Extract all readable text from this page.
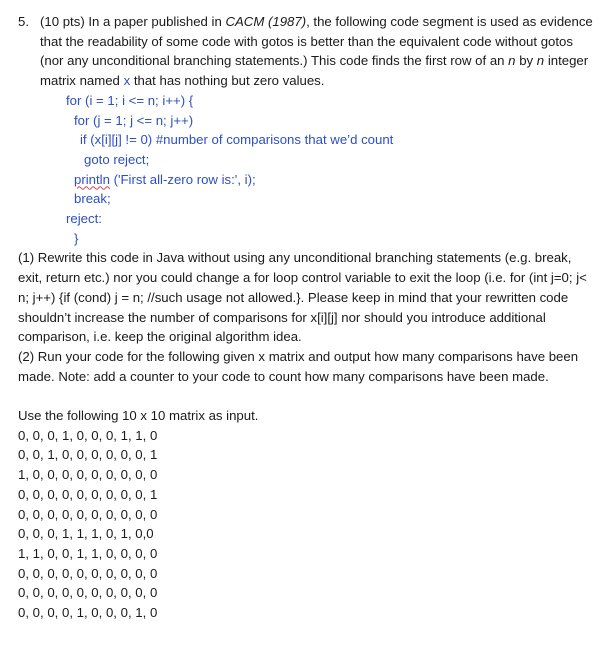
5. (10 pts) In a paper published in CACM (1987), the following code segment is used as evidence that the readability of some code with gotos is better than the equivalent code without gotos (nor any unconditional branching statements.) This code finds the first row of an n by n integer matrix named x that has nothing but zero values.
for (i = 1; i <= n; i++) {
for (j = 1; j <= n; j++)
if (x[i][j] != 0) #number of comparisons that we’d count
goto reject;
println ('First all-zero row is:', i);
break;
reject:
}

(1) Rewrite this code in Java without using any unconditional branching statements (e.g. break, exit, return etc.) nor you could change a for loop control variable to exit the loop (i.e. for (int j=0; j< n; j++) {if (cond) j = n; //such usage not allowed.}. Please keep in mind that your rewritten code shouldn’t increase the number of comparisons for x[i][j] nor should you introduce additional comparison, i.e. keep the original algorithm idea.

(2) Run your code for the following given x matrix and output how many comparisons have been made. Note: add a counter to your code to count how many comparisons have been made.

Use the following 10 x 10 matrix as input.

0, 0, 0, 1, 0, 0, 0, 1, 1, 0
0, 0, 1, 0, 0, 0, 0, 0, 0, 1
1, 0, 0, 0, 0, 0, 0, 0, 0, 0
0, 0, 0, 0, 0, 0, 0, 0, 0, 1
0, 0, 0, 0, 0, 0, 0, 0, 0, 0
0, 0, 0, 1, 1, 1, 0, 1, 0,0
1, 1, 0, 0, 1, 1, 0, 0, 0, 0
0, 0, 0, 0, 0, 0, 0, 0, 0, 0
0, 0, 0, 0, 0, 0, 0, 0, 0, 0
0, 0, 0, 0, 1, 0, 0, 0, 1, 0
